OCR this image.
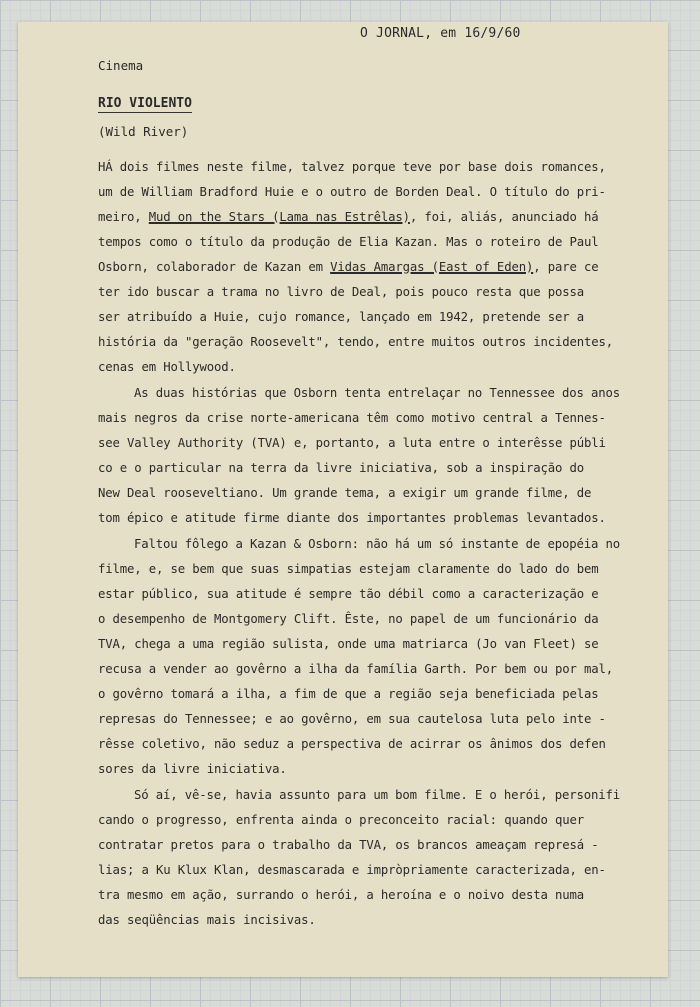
O JORNAL, em 16/9/60
Cinema
RIO VIOLENTO
(Wild River)
HÁ dois filmes neste filme, talvez porque teve por base dois romances,
um de William Bradford Huie e o outro de Borden Deal. O título do pri-
meiro, Mud on the Stars (Lama nas Estrêlas), foi, aliás, anunciado há
tempos como o título da produção de Elia Kazan. Mas o roteiro de Paul
Osborn, colaborador de Kazan em Vidas Amargas (East of Eden), pare ce
ter ido buscar a trama no livro de Deal, pois pouco resta que possa
ser atribuído a Huie, cujo romance, lançado em 1942, pretende ser a
história da "geração Roosevelt", tendo, entre muitos outros incidentes,
cenas em Hollywood.
As duas histórias que Osborn tenta entrelaçar no Tennessee dos anos
mais negros da crise norte-americana têm como motivo central a Tennes-
see Valley Authority (TVA) e, portanto, a luta entre o interêsse públi
co e o particular na terra da livre iniciativa, sob a inspiração do
New Deal rooseveltiano. Um grande tema, a exigir um grande filme, de
tom épico e atitude firme diante dos importantes problemas levantados.
Faltou fôlego a Kazan & Osborn: não há um só instante de epopéia no
filme, e, se bem que suas simpatias estejam claramente do lado do bem
estar público, sua atitude é sempre tão débil como a caracterização e
o desempenho de Montgomery Clift. Êste, no papel de um funcionário da
TVA, chega a uma região sulista, onde uma matriarca (Jo van Fleet) se
recusa a vender ao govêrno a ilha da família Garth. Por bem ou por mal,
o govêrno tomará a ilha, a fim de que a região seja beneficiada pelas
represas do Tennessee; e ao govêrno, em sua cautelosa luta pelo inte -
rêsse coletivo, não seduz a perspectiva de acirrar os ânimos dos defen
sores da livre iniciativa.
Só aí, vê-se, havia assunto para um bom filme. E o herói, personifi
cando o progresso, enfrenta ainda o preconceito racial: quando quer
contratar pretos para o trabalho da TVA, os brancos ameaçam represá -
lias; a Ku Klux Klan, desmascarada e impròpriamente caracterizada, en-
tra mesmo em ação, surrando o herói, a heroína e o noivo desta numa
das seqüências mais incisivas.
